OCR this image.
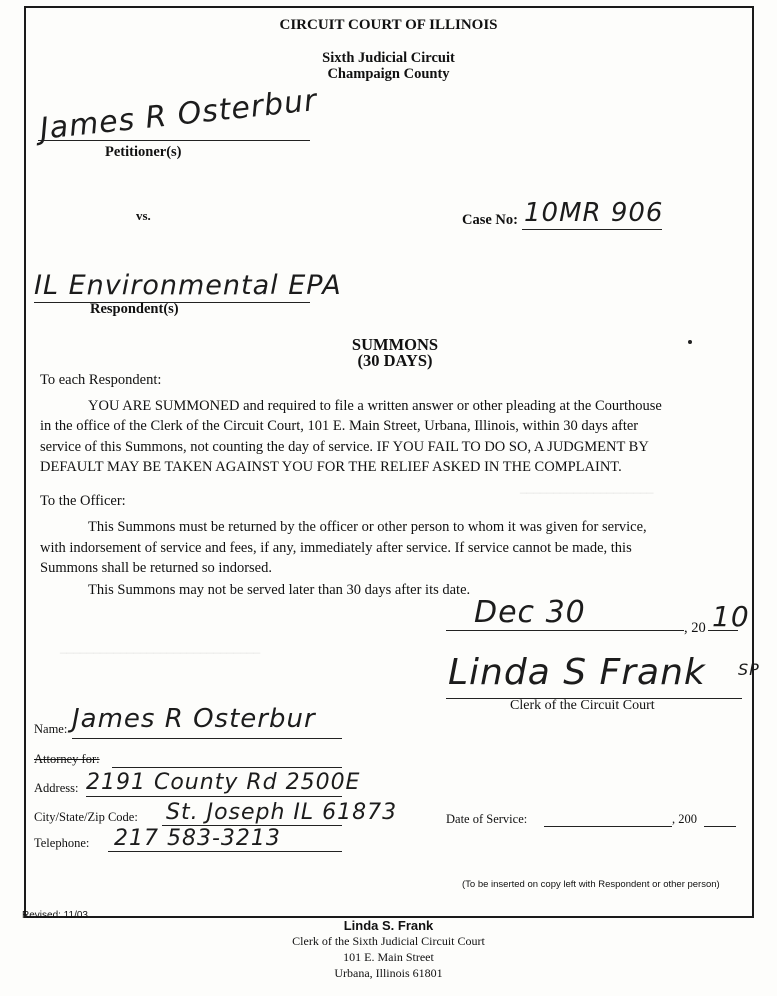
____________________
______________________________
CIRCUIT COURT OF ILLINOIS
Sixth Judicial Circuit
Champaign County
James R Osterbur
Petitioner(s)
vs.	Case No: 10MR 906
IL Environmental EPA
Respondent(s)
SUMMONS
(30 DAYS)
To each Respondent:
YOU ARE SUMMONED and required to file a written answer or other pleading at the Courthouse
in the office of the Clerk of the Circuit Court, 101 E. Main Street, Urbana, Illinois, within 30 days after
service of this Summons, not counting the day of service. IF YOU FAIL TO DO SO, A JUDGMENT BY
DEFAULT MAY BE TAKEN AGAINST YOU FOR THE RELIEF ASKED IN THE COMPLAINT.
To the Officer:
This Summons must be returned by the officer or other person to whom it was given for service,
with indorsement of service and fees, if any, immediately after service. If service cannot be made, this
Summons shall be returned so indorsed.
This Summons may not be served later than 30 days after its date.
Dec 30	, 20 10
Linda S Frank SP
Clerk of the Circuit Court
Name: James R Osterbur
Attorney for:
Address: 2191 County Rd 2500E
City/State/Zip Code: St. Joseph IL 61873
Telephone: 217 583-3213
Date of Service:	, 200
(To be inserted on copy left with Respondent or other person)
Revised: 11/03
Linda S. Frank
Clerk of the Sixth Judicial Circuit Court
101 E. Main Street
Urbana, Illinois 61801
